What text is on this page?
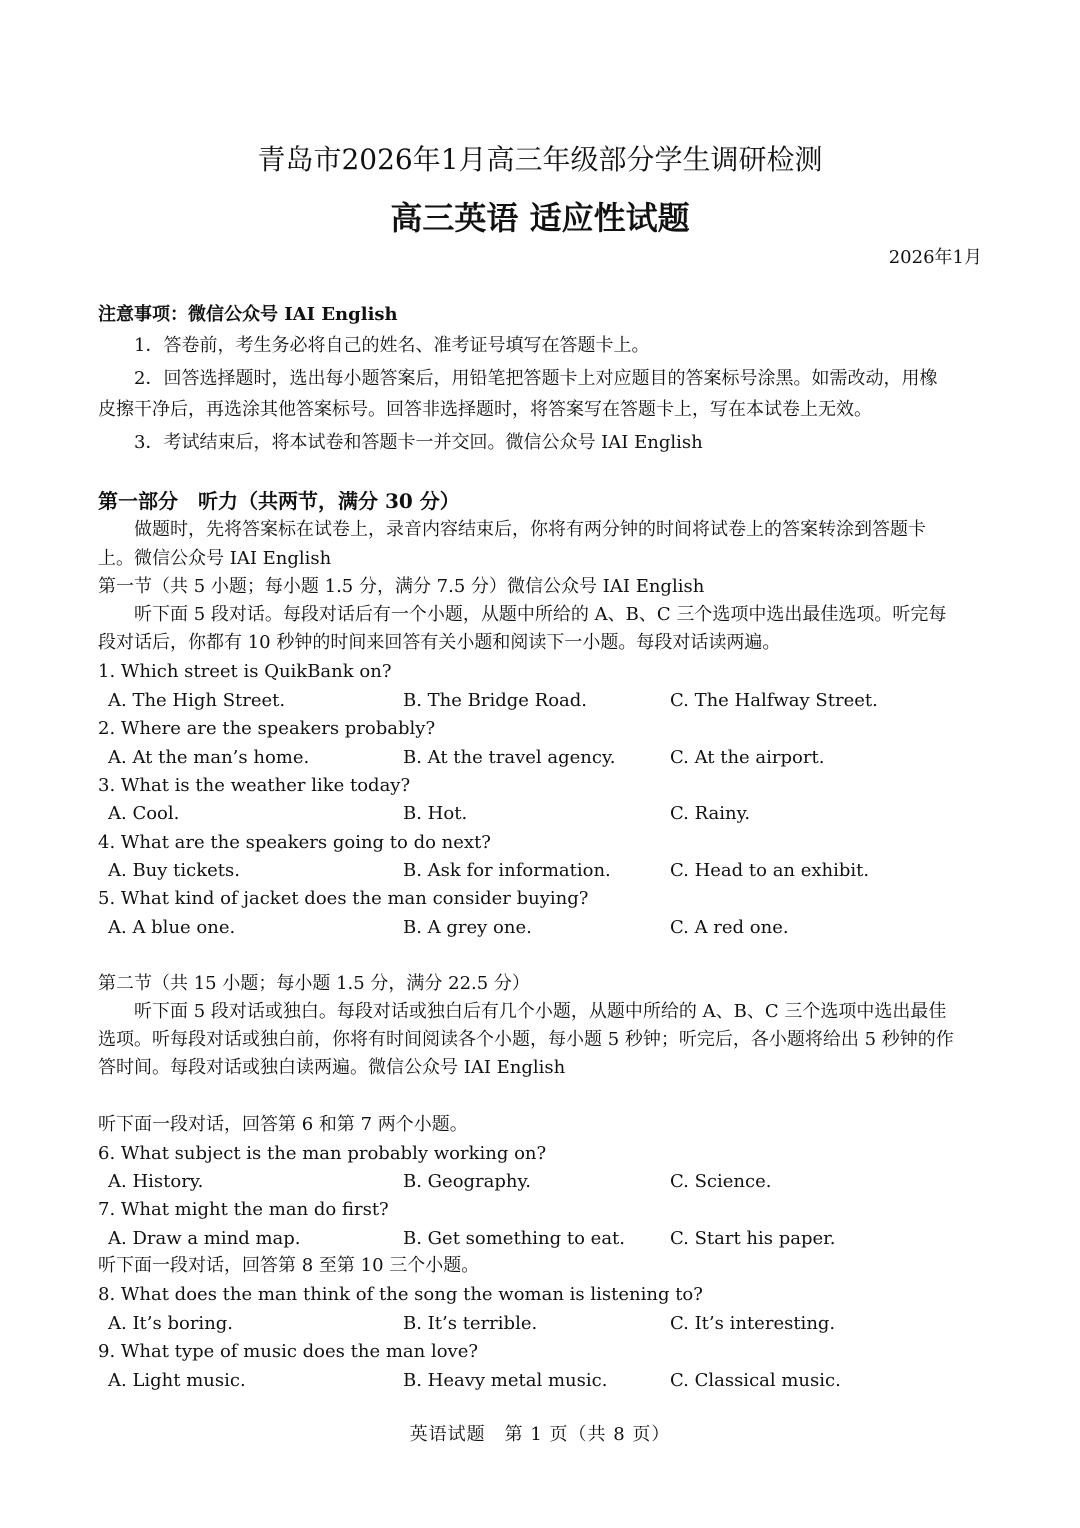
青岛市2026年1月高三年级部分学生调研检测
高三英语 适应性试题
2026年1月
注意事项：微信公众号 IAI English
1．答卷前，考生务必将自己的姓名、准考证号填写在答题卡上。
2．回答选择题时，选出每小题答案后，用铅笔把答题卡上对应题目的答案标号涂黑。如需改动，用橡
皮擦干净后，再选涂其他答案标号。回答非选择题时，将答案写在答题卡上，写在本试卷上无效。
3．考试结束后，将本试卷和答题卡一并交回。微信公众号 IAI English
第一部分　听力（共两节，满分 30 分）
做题时，先将答案标在试卷上，录音内容结束后，你将有两分钟的时间将试卷上的答案转涂到答题卡
上。微信公众号 IAI English
第一节（共 5 小题；每小题 1.5 分，满分 7.5 分）微信公众号 IAI English
听下面 5 段对话。每段对话后有一个小题，从题中所给的 A、B、C 三个选项中选出最佳选项。听完每
段对话后，你都有 10 秒钟的时间来回答有关小题和阅读下一小题。每段对话读两遍。
1. Which street is QuikBank on?
A. The High Street.	B. The Bridge Road.	C. The Halfway Street.
2. Where are the speakers probably?
A. At the man’s home.	B. At the travel agency.	C. At the airport.
3. What is the weather like today?
A. Cool.	B. Hot.	C. Rainy.
4. What are the speakers going to do next?
A. Buy tickets.	B. Ask for information.	C. Head to an exhibit.
5. What kind of jacket does the man consider buying?
A. A blue one.	B. A grey one.	C. A red one.
第二节（共 15 小题；每小题 1.5 分，满分 22.5 分）
听下面 5 段对话或独白。每段对话或独白后有几个小题，从题中所给的 A、B、C 三个选项中选出最佳
选项。听每段对话或独白前，你将有时间阅读各个小题，每小题 5 秒钟；听完后，各小题将给出 5 秒钟的作
答时间。每段对话或独白读两遍。微信公众号 IAI English
听下面一段对话，回答第 6 和第 7 两个小题。
6. What subject is the man probably working on?
A. History.	B. Geography.	C. Science.
7. What might the man do first?
A. Draw a mind map.	B. Get something to eat. C. Start his paper.
听下面一段对话，回答第 8 至第 10 三个小题。
8. What does the man think of the song the woman is listening to?
A. It’s boring.	B. It’s terrible.	C. It’s interesting.
9. What type of music does the man love?
A. Light music.	B. Heavy metal music.	C. Classical music.
英语试题　第 1 页（共 8 页）
